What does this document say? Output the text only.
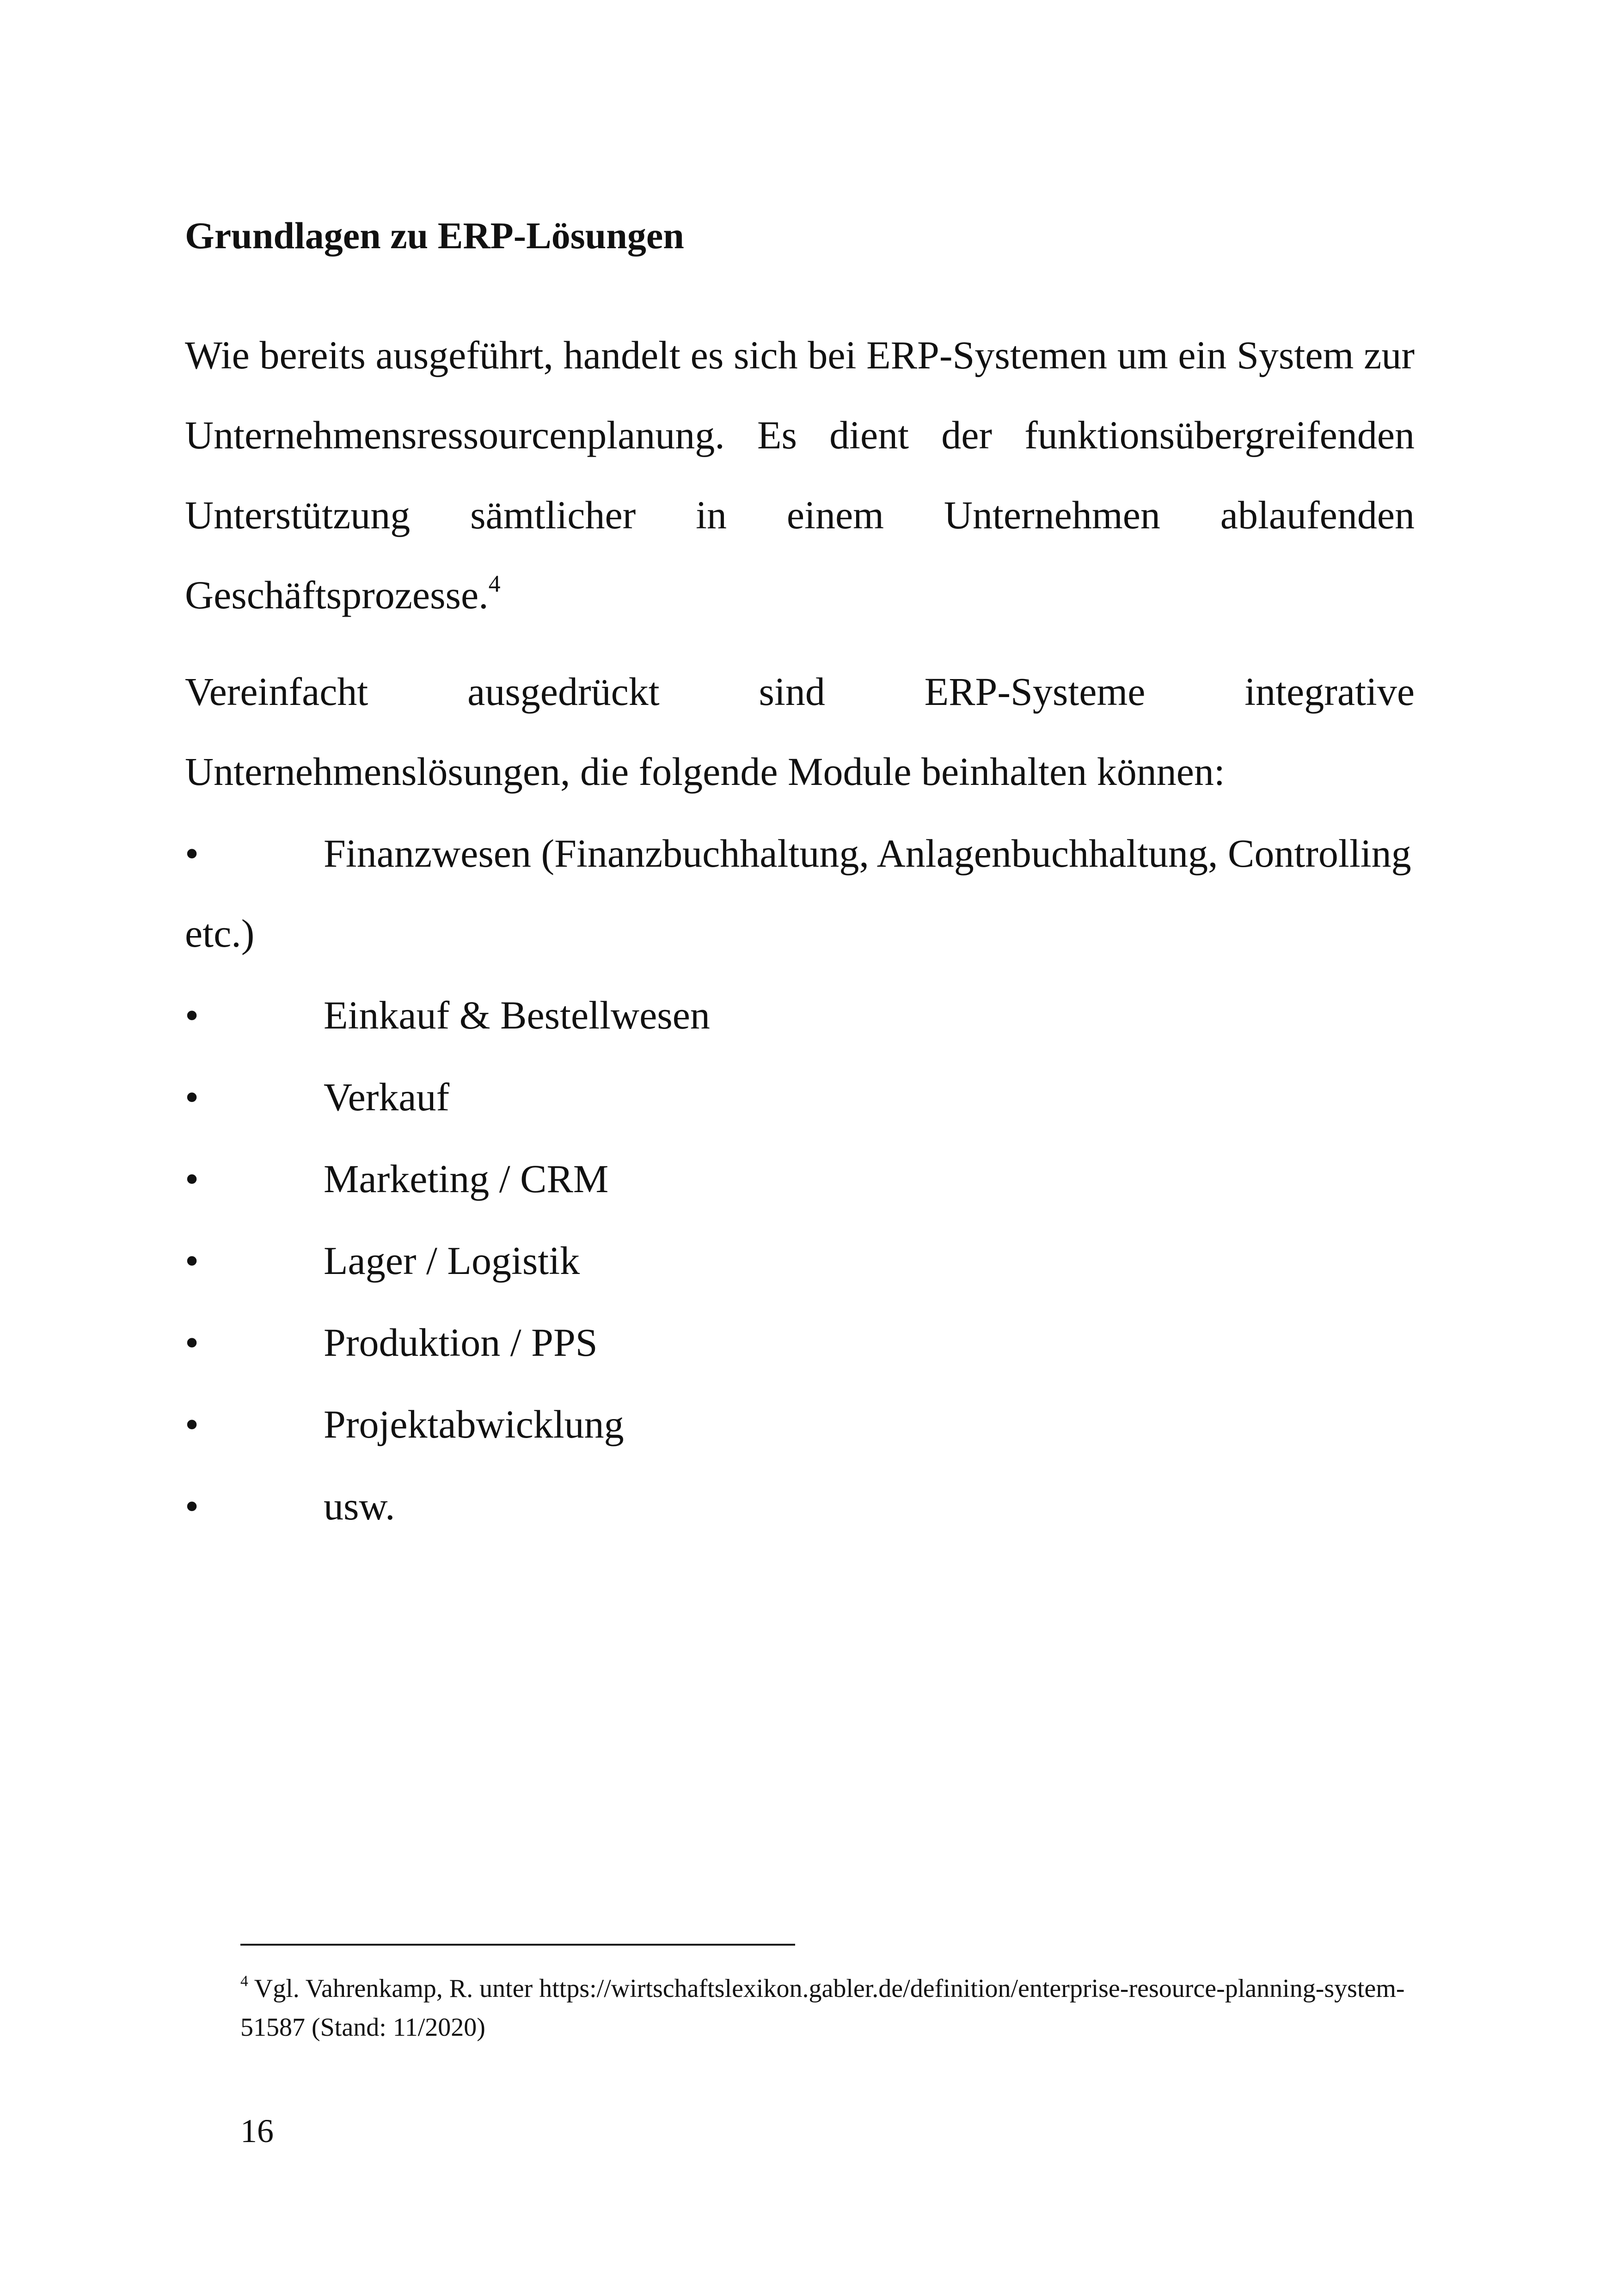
Grundlagen zu ERP-Lösungen

Wie bereits ausgeführt, handelt es sich bei ERP-Systemen um ein System zur Unternehmensressourcenplanung. Es dient der funktionsübergreifenden Unterstützung sämtlicher in einem Unternehmen ablaufenden Geschäftsprozesse.$^4$

Vereinfacht ausgedrückt sind ERP-Systeme integrative Unternehmenslösungen, die folgende Module beinhalten können:

•	Finanzwesen (Finanzbuchhaltung, Anlagenbuchhaltung, Controlling etc.)
•	Einkauf & Bestellwesen
•	Verkauf
•	Marketing / CRM
•	Lager / Logistik
•	Produktion / PPS
•	Projektabwicklung
•	usw.

$^4$ Vgl. Vahrenkamp, R. unter https://wirtschaftslexikon.gabler.de/definition/enterprise-resource-planning-system-51587 (Stand: 11/2020)

16
